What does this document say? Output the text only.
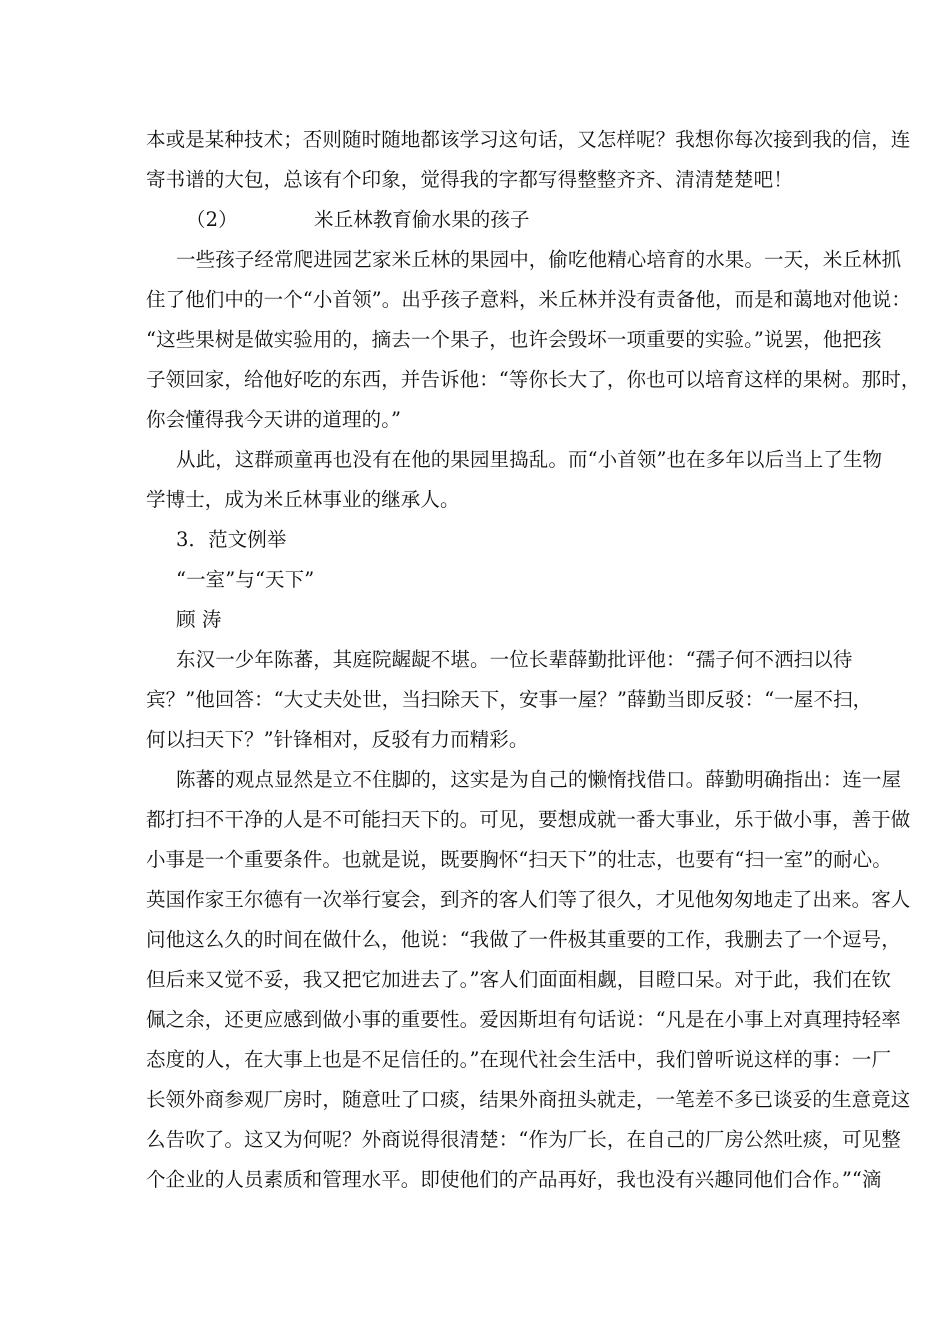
本或是某种技术；否则随时随地都该学习这句话，又怎样呢？我想你每次接到我的信，连
寄书谱的大包，总该有个印象，觉得我的字都写得整整齐齐、清清楚楚吧！
（2）	米丘林教育偷水果的孩子
一些孩子经常爬进园艺家米丘林的果园中，偷吃他精心培育的水果。一天，米丘林抓
住了他们中的一个“小首领”。出乎孩子意料，米丘林并没有责备他，而是和蔼地对他说：
“这些果树是做实验用的，摘去一个果子，也许会毁坏一项重要的实验。”说罢，他把孩
子领回家，给他好吃的东西，并告诉他：“等你长大了，你也可以培育这样的果树。那时，
你会懂得我今天讲的道理的。”
从此，这群顽童再也没有在他的果园里捣乱。而“小首领”也在多年以后当上了生物
学博士，成为米丘林事业的继承人。
3．范文例举
“一室”与“天下”
顾 涛
东汉一少年陈蕃，其庭院龌龊不堪。一位长辈薛勤批评他：“孺子何不洒扫以待
宾？”他回答：“大丈夫处世，当扫除天下，安事一屋？”薛勤当即反驳：“一屋不扫，
何以扫天下？”针锋相对，反驳有力而精彩。
陈蕃的观点显然是立不住脚的，这实是为自己的懒惰找借口。薛勤明确指出：连一屋
都打扫不干净的人是不可能扫天下的。可见，要想成就一番大事业，乐于做小事，善于做
小事是一个重要条件。也就是说，既要胸怀“扫天下”的壮志，也要有“扫一室”的耐心。
英国作家王尔德有一次举行宴会，到齐的客人们等了很久，才见他匆匆地走了出来。客人
问他这么久的时间在做什么，他说：“我做了一件极其重要的工作，我删去了一个逗号，
但后来又觉不妥，我又把它加进去了。”客人们面面相觑，目瞪口呆。对于此，我们在钦
佩之余，还更应感到做小事的重要性。爱因斯坦有句话说：“凡是在小事上对真理持轻率
态度的人，在大事上也是不足信任的。”在现代社会生活中，我们曾听说这样的事：一厂
长领外商参观厂房时，随意吐了口痰，结果外商扭头就走，一笔差不多已谈妥的生意竟这
么告吹了。这又为何呢？外商说得很清楚：“作为厂长，在自己的厂房公然吐痰，可见整
个企业的人员素质和管理水平。即使他们的产品再好，我也没有兴趣同他们合作。”“滴
